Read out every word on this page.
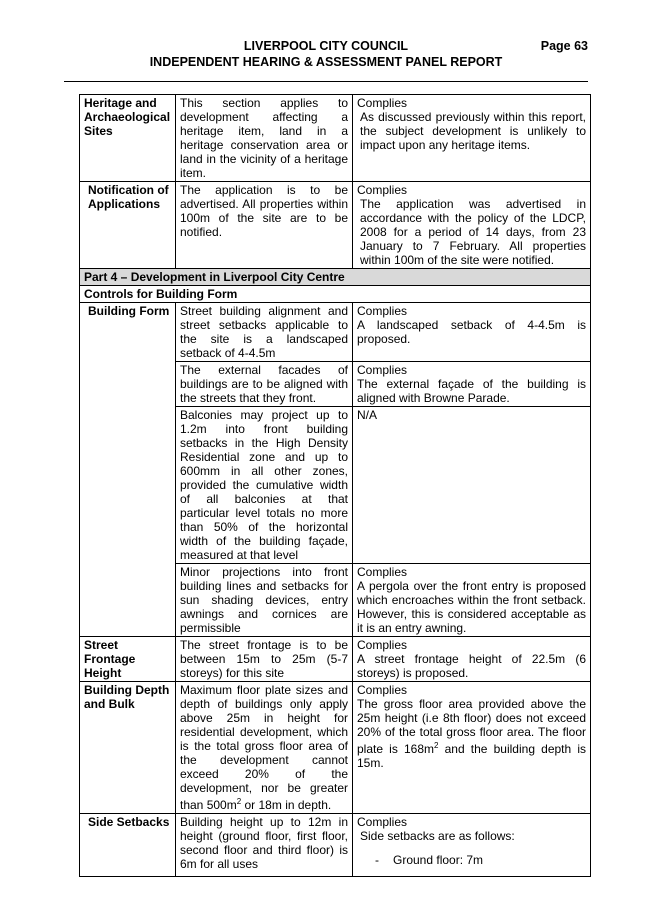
LIVERPOOL CITY COUNCIL
INDEPENDENT HEARING & ASSESSMENT PANEL REPORT
Page 63
Heritage and Archaeological Sites	This section applies to development affecting a heritage item, land in a heritage conservation area or land in the vicinity of a heritage item.	Complies
As discussed previously within this report, the subject development is unlikely to impact upon any heritage items.

Notification of Applications	The application is to be advertised. All properties within 100m of the site are to be notified.	Complies
The application was advertised in accordance with the policy of the LDCP, 2008 for a period of 14 days, from 23 January to 7 February. All properties within 100m of the site were notified.

Part 4 – Development in Liverpool City Centre		
Controls for Building Form		
Building Form	Street building alignment and street setbacks applicable to the site is a landscaped setback of 4-4.5m	Complies
A landscaped setback of 4-4.5m is proposed.

	The external facades of buildings are to be aligned with the streets that they front.	Complies
The external façade of the building is aligned with Browne Parade.

	Balconies may project up to 1.2m into front building setbacks in the High Density Residential zone and up to 600mm in all other zones, provided the cumulative width of all balconies at that particular level totals no more than 50% of the horizontal width of the building façade, measured at that level	N/A

	Minor projections into front building lines and setbacks for sun shading devices, entry awnings and cornices are permissible	Complies
A pergola over the front entry is proposed which encroaches within the front setback. However, this is considered acceptable as it is an entry awning.

Street Frontage Height	The street frontage is to be between 15m to 25m (5-7 storeys) for this site	Complies
A street frontage height of 22.5m (6 storeys) is proposed.

Building Depth and Bulk	Maximum floor plate sizes and depth of buildings only apply above 25m in height for residential development, which is the total gross floor area of the development cannot exceed 20% of the development, nor be greater than $500m^2$ or 18m in depth.	Complies
The gross floor area provided above the 25m height (i.e 8th floor) does not exceed 20% of the total gross floor area. The floor plate is $168m^2$ and the building depth is 15m.

Side Setbacks	Building height up to 12m in height (ground floor, first floor, second floor and third floor) is 6m for all uses	Complies
Side setbacks are as follows:
- Ground floor: 7m
